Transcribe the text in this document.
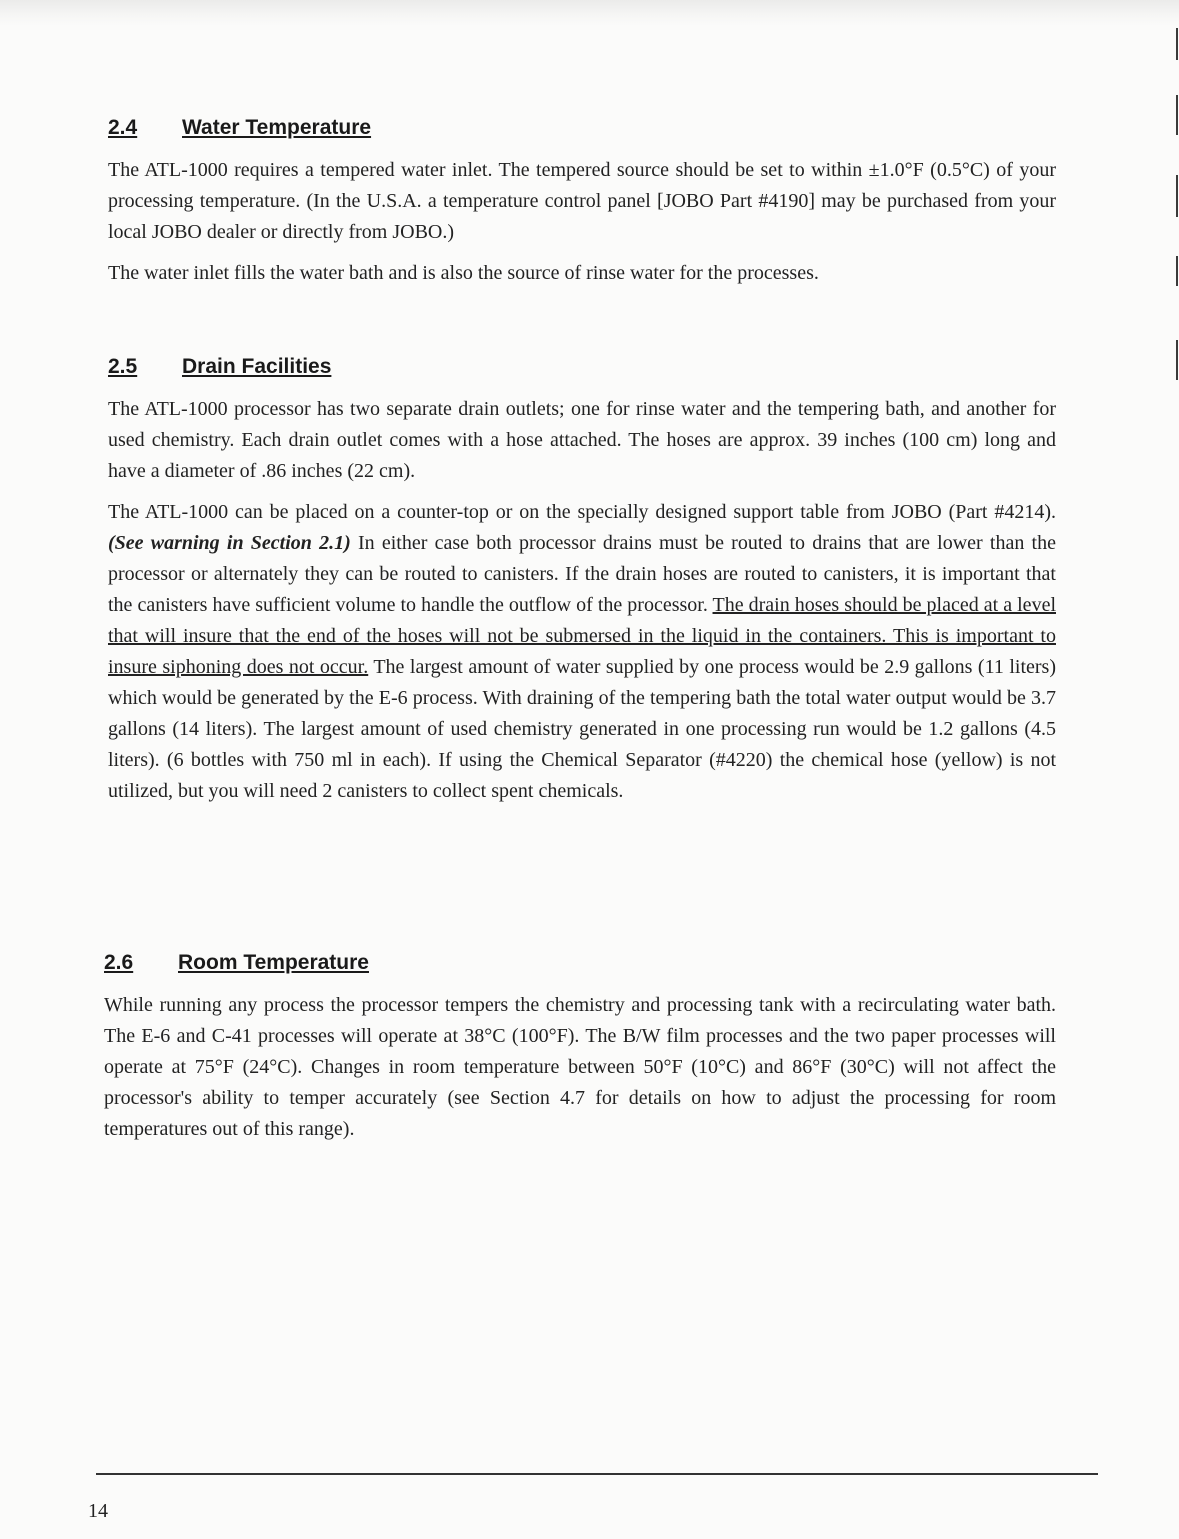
2.4 Water Temperature

The ATL-1000 requires a tempered water inlet. The tempered source should be set to within ±1.0°F (0.5°C) of your processing temperature. (In the U.S.A. a temperature control panel [JOBO Part #4190] may be purchased from your local JOBO dealer or directly from JOBO.)

The water inlet fills the water bath and is also the source of rinse water for the processes.

2.5 Drain Facilities

The ATL-1000 processor has two separate drain outlets; one for rinse water and the tempering bath, and another for used chemistry. Each drain outlet comes with a hose attached. The hoses are approx. 39 inches (100 cm) long and have a diameter of .86 inches (22 cm).

The ATL-1000 can be placed on a counter-top or on the specially designed support table from JOBO (Part #4214). (See warning in Section 2.1) In either case both processor drains must be routed to drains that are lower than the processor or alternately they can be routed to canisters. If the drain hoses are routed to canisters, it is important that the canisters have sufficient volume to handle the outflow of the processor. The drain hoses should be placed at a level that will insure that the end of the hoses will not be submersed in the liquid in the containers. This is important to insure siphoning does not occur. The largest amount of water supplied by one process would be 2.9 gallons (11 liters) which would be generated by the E-6 process. With draining of the tempering bath the total water output would be 3.7 gallons (14 liters). The largest amount of used chemistry generated in one processing run would be 1.2 gallons (4.5 liters). (6 bottles with 750 ml in each). If using the Chemical Separator (#4220) the chemical hose (yellow) is not utilized, but you will need 2 canisters to collect spent chemicals.

2.6 Room Temperature

While running any process the processor tempers the chemistry and processing tank with a recirculating water bath. The E-6 and C-41 processes will operate at 38°C (100°F). The B/W film processes and the two paper processes will operate at 75°F (24°C). Changes in room temperature between 50°F (10°C) and 86°F (30°C) will not affect the processor's ability to temper accurately (see Section 4.7 for details on how to adjust the processing for room temperatures out of this range).

14
